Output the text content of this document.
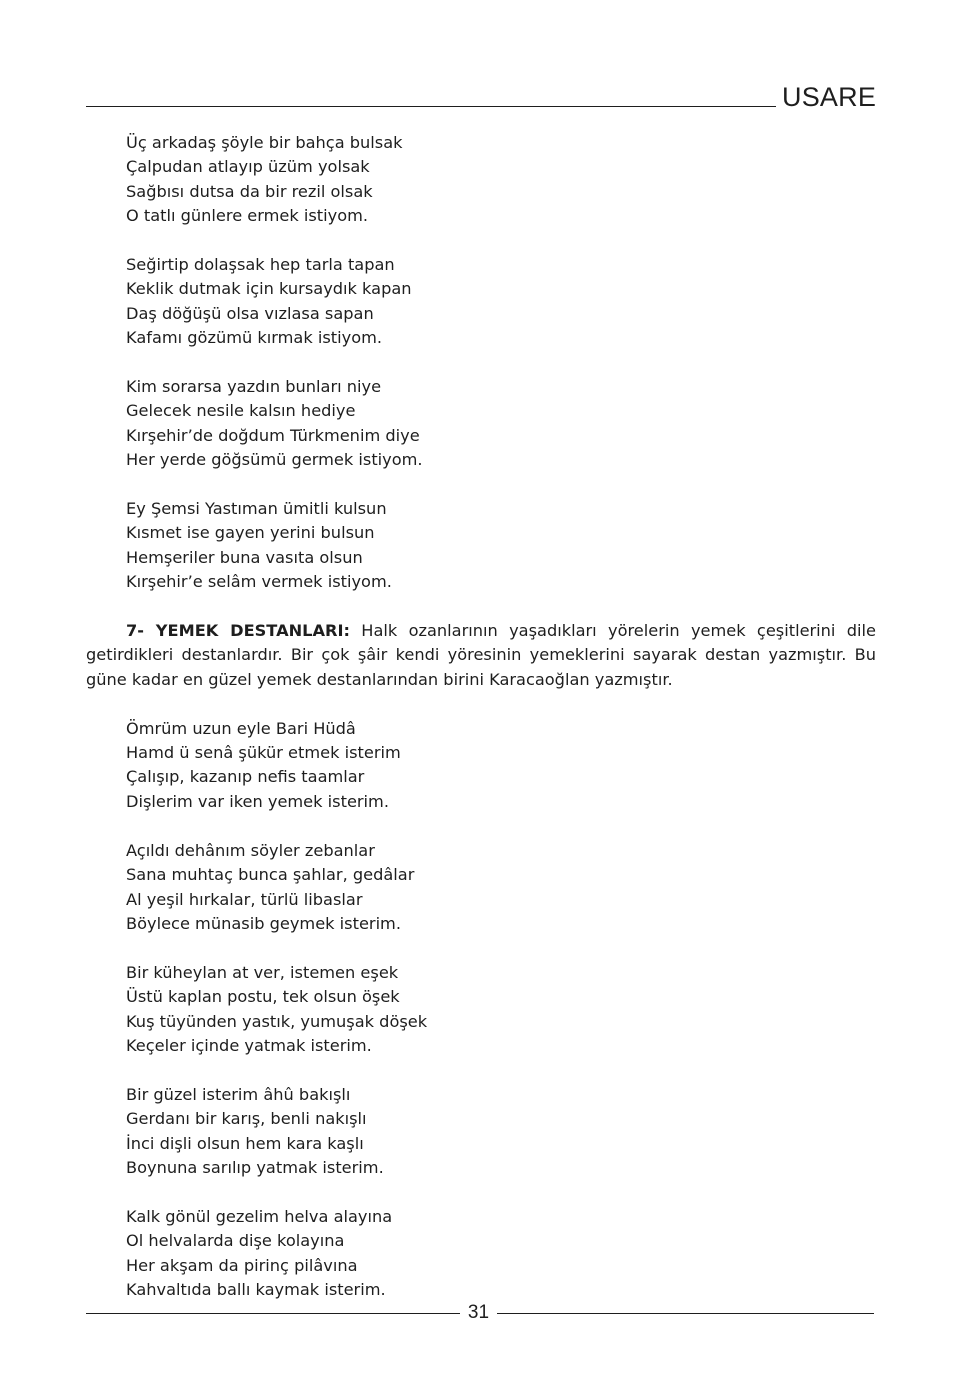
USARE
Üç arkadaş şöyle bir bahça bulsak
Çalpudan atlayıp üzüm yolsak
Sağbısı dutsa da bir rezil olsak
O tatlı günlere ermek istiyom.
Seğirtip dolaşsak hep tarla tapan
Keklik dutmak için kursaydık kapan
Daş döğüşü olsa vızlasa sapan
Kafamı gözümü kırmak istiyom.
Kim sorarsa yazdın bunları niye
Gelecek nesile kalsın hediye
Kırşehir’de doğdum Türkmenim diye
Her yerde göğsümü germek istiyom.
Ey Şemsi Yastıman ümitli kulsun
Kısmet ise gayen yerini bulsun
Hemşeriler buna vasıta olsun
Kırşehir’e selâm vermek istiyom.

7- YEMEK DESTANLARI: Halk ozanlarının yaşadıkları yörelerin yemek çeşitlerini dile getirdikleri destanlardır. Bir çok şâir kendi yöresinin yemeklerini sayarak destan yazmıştır. Bu güne kadar en güzel yemek destanlarından birini Karacaoğlan yazmıştır.

Ömrüm uzun eyle Bari Hüdâ
Hamd ü senâ şükür etmek isterim
Çalışıp, kazanıp nefis taamlar
Dişlerim var iken yemek isterim.
Açıldı dehânım söyler zebanlar
Sana muhtaç bunca şahlar, gedâlar
Al yeşil hırkalar, türlü libaslar
Böylece münasib geymek isterim.
Bir küheylan at ver, istemen eşek
Üstü kaplan postu, tek olsun öşek
Kuş tüyünden yastık, yumuşak döşek
Keçeler içinde yatmak isterim.
Bir güzel isterim âhû bakışlı
Gerdanı bir karış, benli nakışlı
İnci dişli olsun hem kara kaşlı
Boynuna sarılıp yatmak isterim.
Kalk gönül gezelim helva alayına
Ol helvalarda dişe kolayına
Her akşam da pirinç pilâvına
Kahvaltıda ballı kaymak isterim.
31
